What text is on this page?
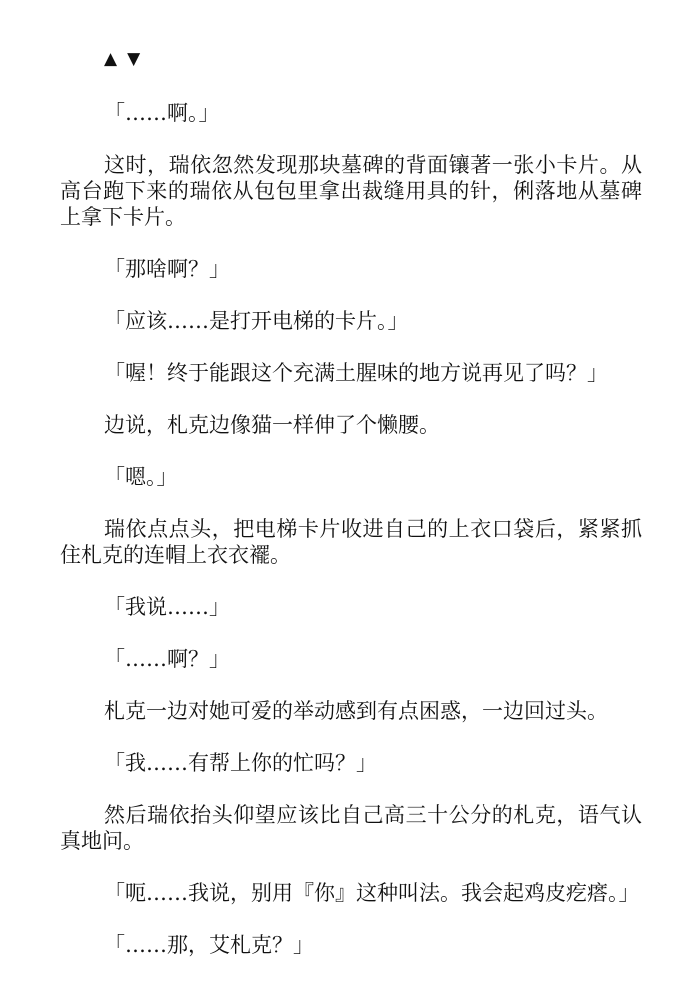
▲ ▼

「……啊。」

这时，瑞依忽然发现那块墓碑的背面镶著一张小卡片。从高台跑下来的瑞依从包包里拿出裁缝用具的针，俐落地从墓碑上拿下卡片。

「那啥啊？」

「应该……是打开电梯的卡片。」

「喔！终于能跟这个充满土腥味的地方说再见了吗？」

边说，札克边像猫一样伸了个懒腰。

「嗯。」

瑞依点点头，把电梯卡片收进自己的上衣口袋后，紧紧抓住札克的连帽上衣衣襬。

「我说……」

「……啊？」

札克一边对她可爱的举动感到有点困惑，一边回过头。

「我……有帮上你的忙吗？」

然后瑞依抬头仰望应该比自己高三十公分的札克，语气认真地问。

「呃……我说，别用『你』这种叫法。我会起鸡皮疙瘩。」

「……那，艾札克？」
